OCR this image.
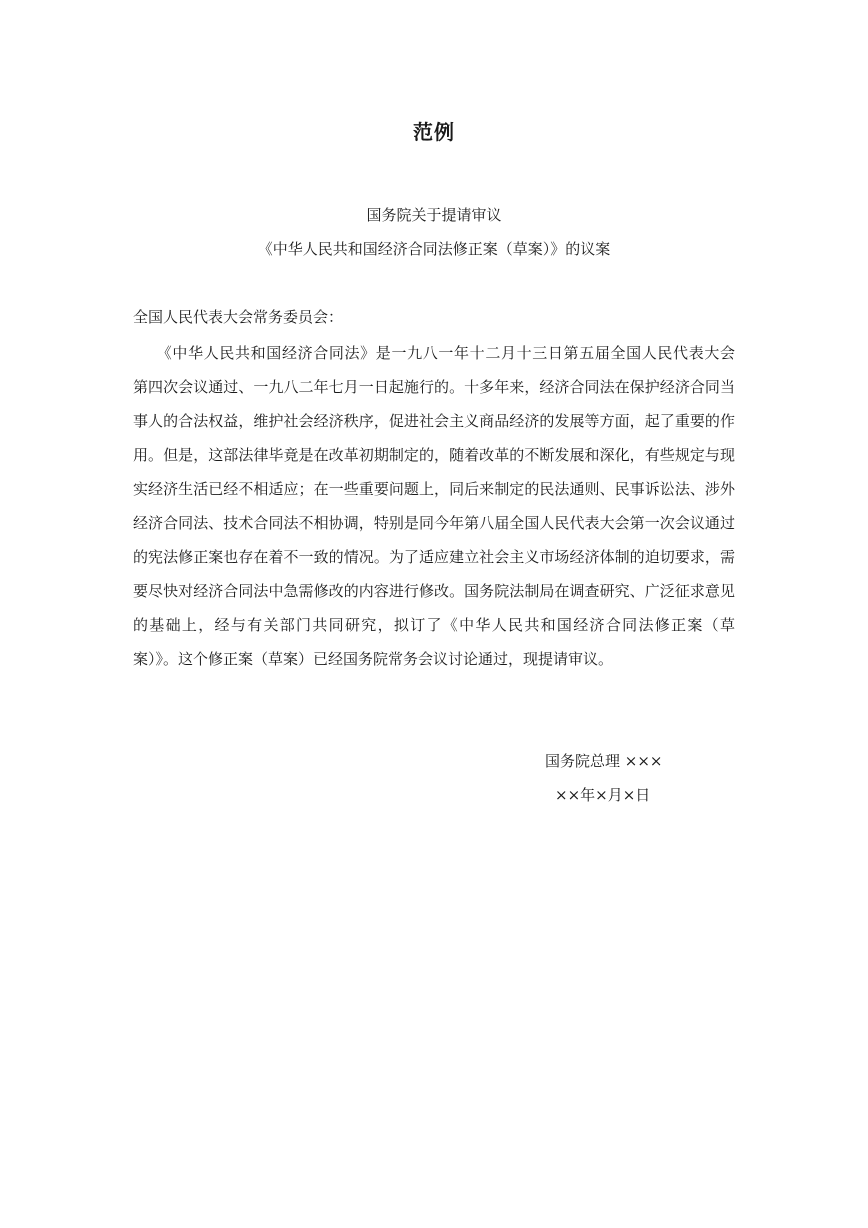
范例
国务院关于提请审议
《中华人民共和国经济合同法修正案（草案）》的议案
全国人民代表大会常务委员会：
　　《中华人民共和国经济合同法》是一九八一年十二月十三日第五届全国人民代表大会
第四次会议通过、一九八二年七月一日起施行的。十多年来，经济合同法在保护经济合同当
事人的合法权益，维护社会经济秩序，促进社会主义商品经济的发展等方面，起了重要的作
用。但是，这部法律毕竟是在改革初期制定的，随着改革的不断发展和深化，有些规定与现
实经济生活已经不相适应；在一些重要问题上，同后来制定的民法通则、民事诉讼法、涉外
经济合同法、技术合同法不相协调，特别是同今年第八届全国人民代表大会第一次会议通过
的宪法修正案也存在着不一致的情况。为了适应建立社会主义市场经济体制的迫切要求，需
要尽快对经济合同法中急需修改的内容进行修改。国务院法制局在调查研究、广泛征求意见
的基础上，经与有关部门共同研究，拟订了《中华人民共和国经济合同法修正案（草
案）》。这个修正案（草案）已经国务院常务会议讨论通过，现提请审议。
国务院总理 ×××
××年×月×日
